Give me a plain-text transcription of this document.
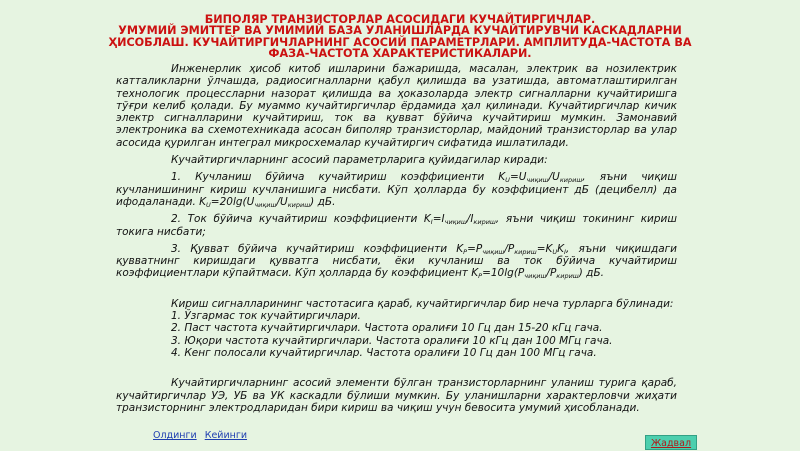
БИПОЛЯР ТРАНЗИСТОРЛАР АСОСИДАГИ КУЧАЙТИРГИЧЛАР.
УМУМИЙ ЭМИТТЕР ВА УМИМИЙ БАЗА УЛАНИШЛАРДА КУЧАЙТИРУВЧИ КАСКАДЛАРНИ
ҲИСОБЛАШ. КУЧАЙТИРГИЧЛАРНИНГ АСОСИЙ ПАРАМЕТРЛАРИ. АМПЛИТУДА-ЧАСТОТА ВА
ФАЗА-ЧАСТОТА ХАРАКТЕРИСТИКАЛАРИ.

Инженерлик ҳисоб китоб ишларини бажаришда, масалан, электрик ва нозилектрик катталикларни ўлчашда, радиосигналларни қабул қилишда ва узатишда, автоматлаштирилган технологик процессларни назорат қилишда ва ҳоказоларда электр сигналларни кучайтиришга тўғри келиб қолади. Бу муаммо кучайтиргичлар ёрдамида ҳал қилинади. Кучайтиргичлар кичик электр сигналларини кучайтириш, ток ва қуввaт бўйича кучайтириш мумкин. Замонавий электроника ва схемотехникада асосан биполяр транзисторлар, майдоний транзисторлар ва улар асосида қурилган интеграл микросхемалар кучайтиргич сифатида ишлатилади.

Кучайтиргичларнинг асосий параметрларига қуйидагилар киради:

1. Кучланиш бўйича кучайтириш коэффициенти $K_U=U_{чиқиш}/U_{кириш}$, яъни чиқиш кучланишининг кириш кучланишига нисбати. Кўп ҳолларда бу коэффициент дБ (децибелл) да ифодаланади. $K_U=20\lg(U_{чиқиш}/U_{кириш})$ дБ.

2. Ток бўйича кучайтириш коэффициенти $K_I=I_{чиқиш}/I_{кириш}$, яъни чиқиш токининг кириш токига нисбати;

3. Қувват бўйича кучайтириш коэффициенти $K_P=P_{чиқиш}/P_{кириш}=K_UK_I$, яъни чиқишдаги қувватнинг киришдаги қувватга нисбати, ёки кучланиш ва ток бўйича кучайтириш коэффициентлари кўпайтмаси. Кўп ҳолларда бу коэффициент $K_P=10\lg(P_{чиқиш}/P_{кириш})$ дБ.

Кириш сигналларининг частотасига қараб, кучайтиргичлар бир неча турларга бўлинади:

1. Ўзгармас ток кучайтиргичлари.

2. Паст частота кучайтиргичлари. Частота оралиғи 10 Гц дан 15-20 кГц гача.

3. Юқори частота кучайтиргичлари. Частота оралиғи 10 кГц дан 100 МГц гача.

4. Кенг полосали кучайтиргичлар. Частота оралиғи 10 Гц дан 100 МГц гача.

Кучайтиргичларнинг асосий элементи бўлган транзисторларнинг уланиш турига қараб, кучайтиргичлар УЭ, УБ ва УК каскадли бўлиши мумкин. Бу уланишларни характерловчи жиҳати транзисторнинг электродларидан бири кириш ва чиқиш учун бевосита умумий ҳисобланади.

Олдинги Кейинги
Жадвал
